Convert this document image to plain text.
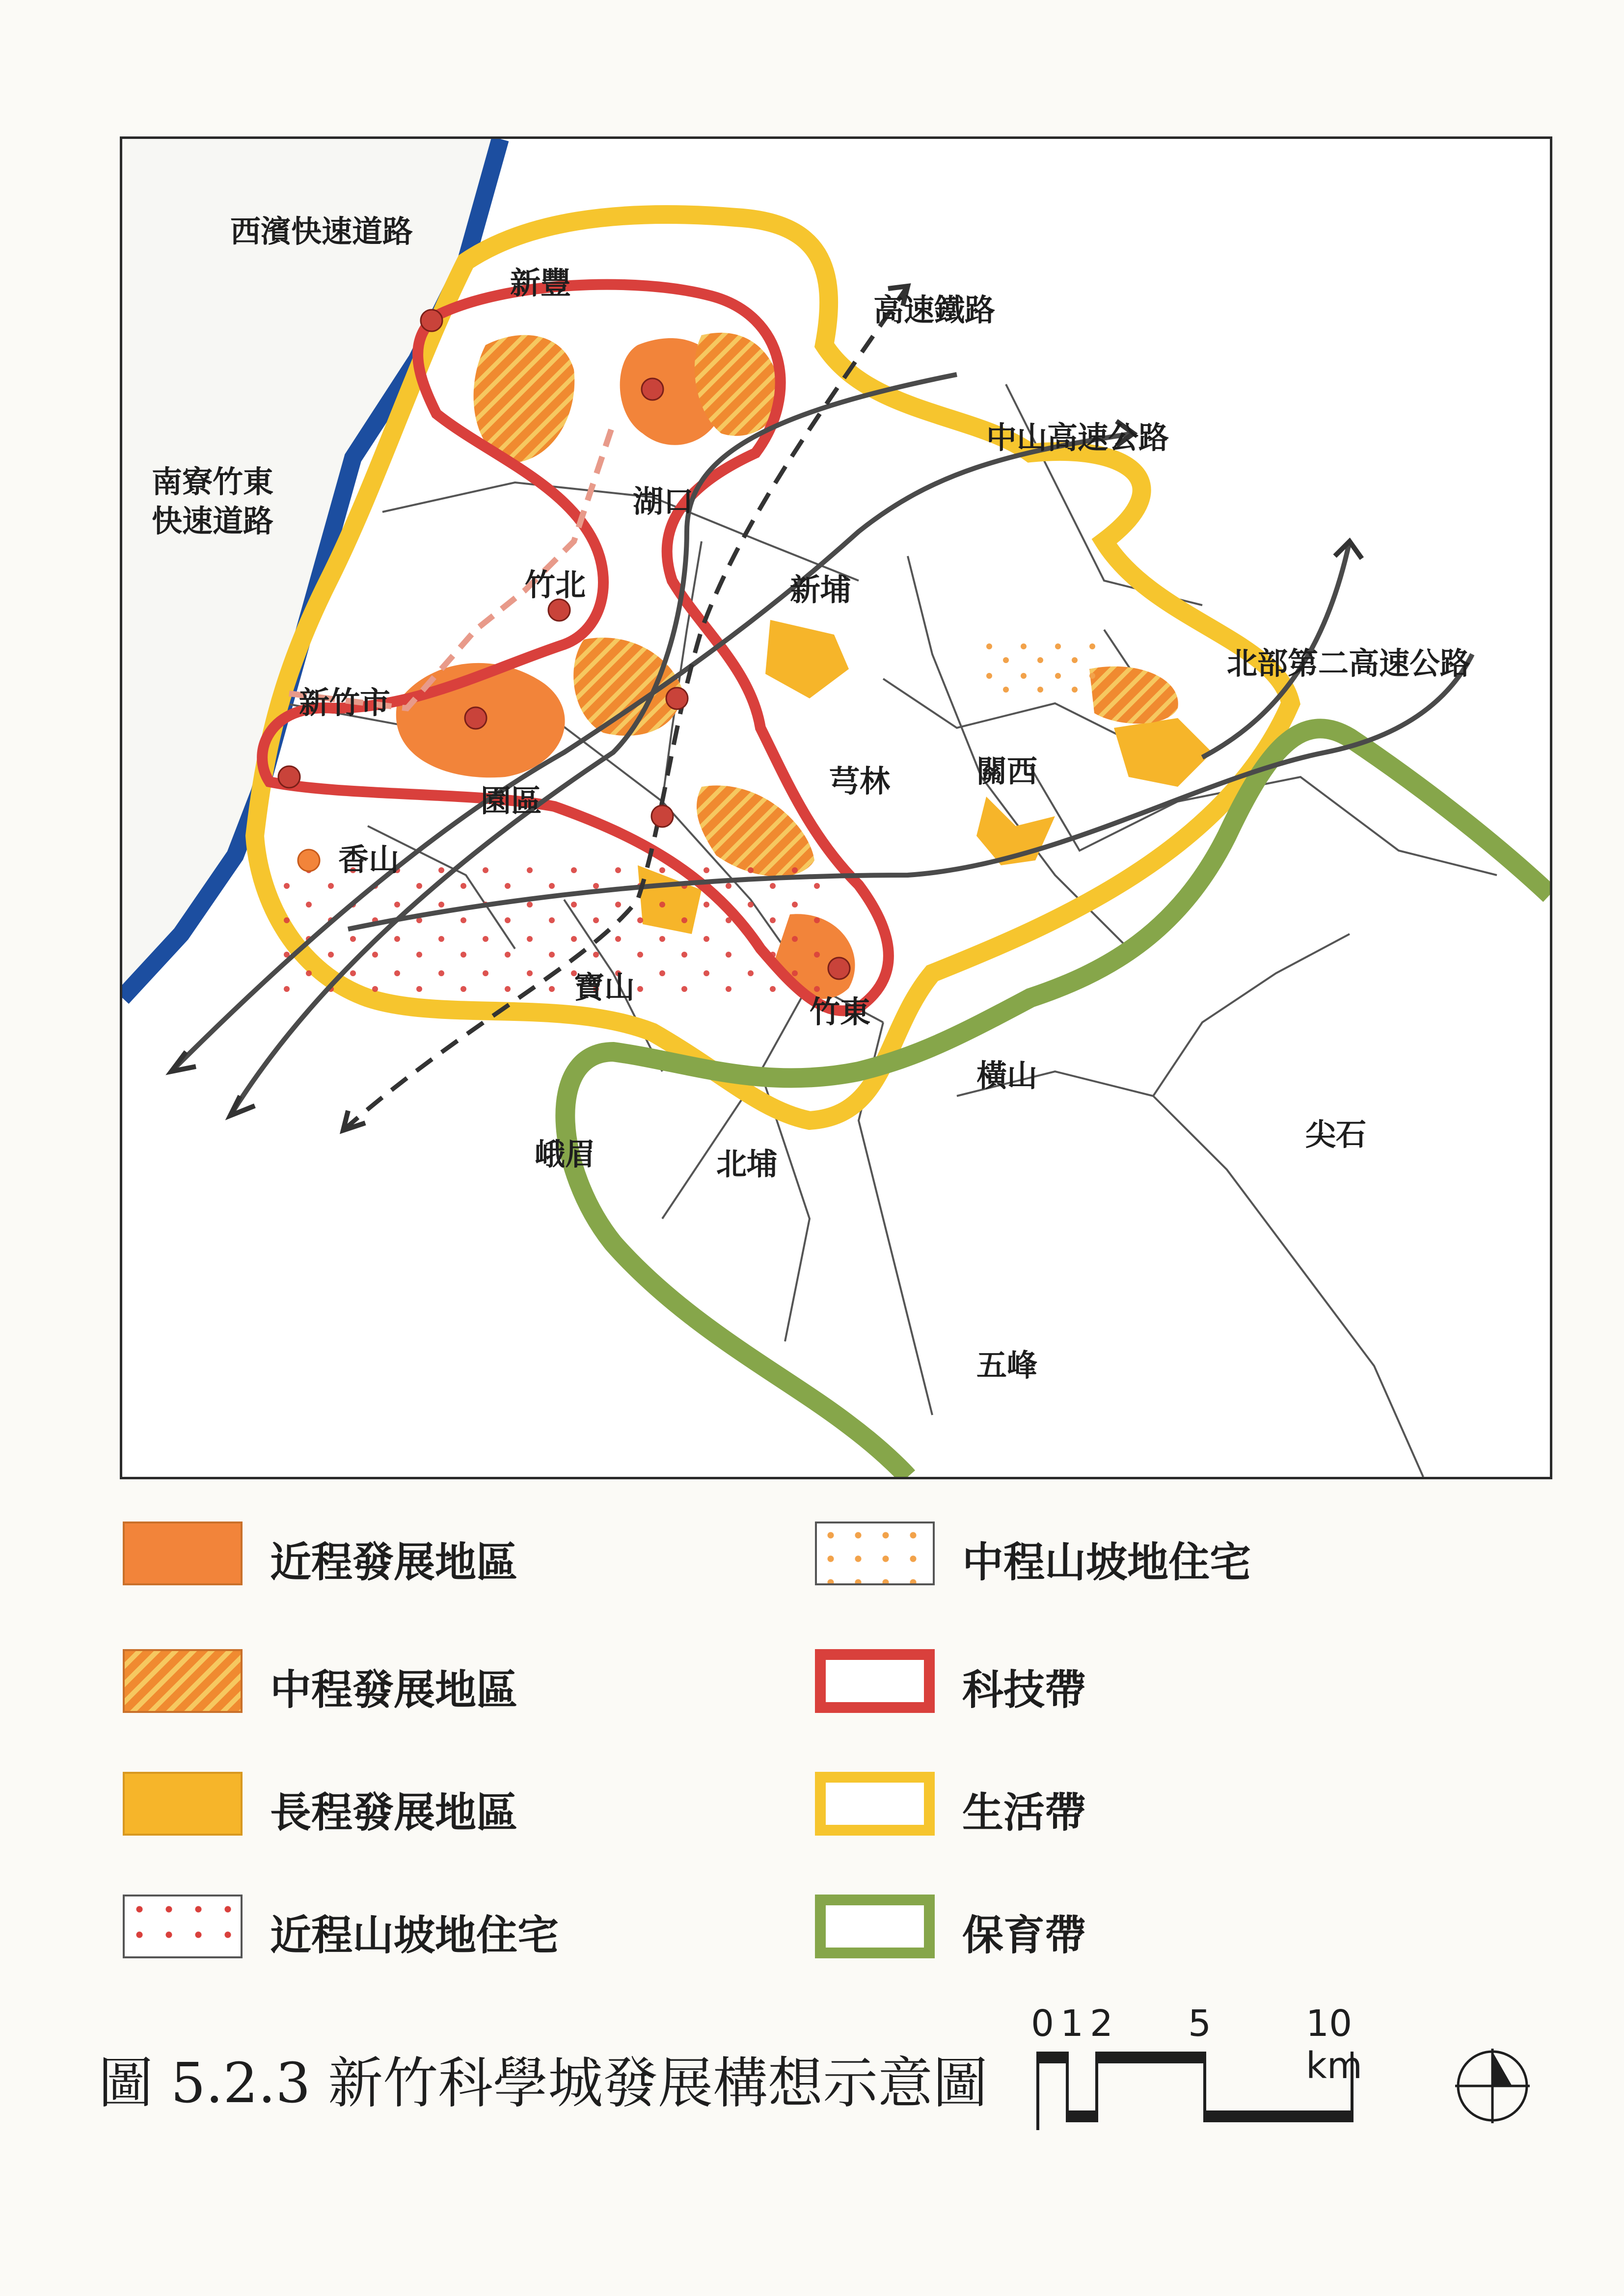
西濱快速道路
新豐
高速鐵路
中山高速公路
南寮竹東
快速道路
湖口
竹北	新埔
北部第二高速公路
新竹市
園區
芎林	關西
香山
寶山
竹東
橫山
尖石
峨眉	北埔
五峰
近程發展地區
中程發展地區
長程發展地區
近程山坡地住宅
中程山坡地住宅
科技帶
生活帶
保育帶
0 1 2 5	10 km
圖 5.2.3 新竹科學城發展構想示意圖
